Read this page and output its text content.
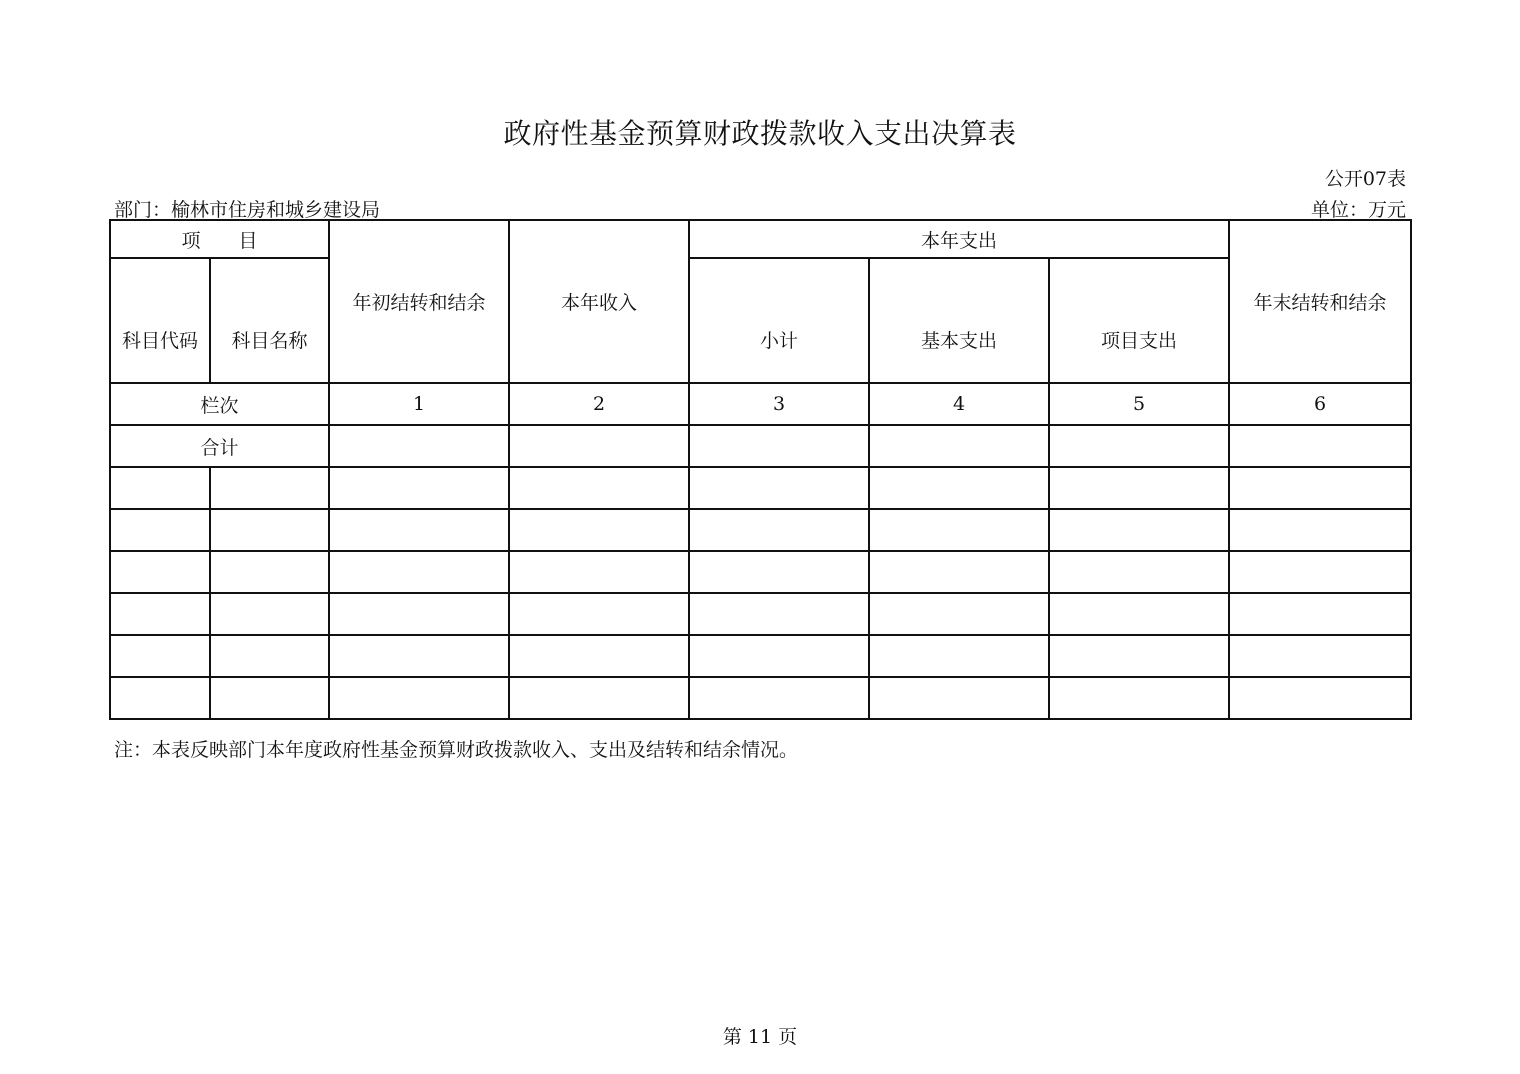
政府性基金预算财政拨款收入支出决算表
公开07表
部门：榆林市住房和城乡建设局	单位：万元
项　　目		年初结转和结余	本年收入	本年支出			年末结转和结余
科目代码	科目名称			小计	基本支出	项目支出	
栏次		1	2	3	4	5	6
合计							

注：本表反映部门本年度政府性基金预算财政拨款收入、支出及结转和结余情况。
第 11 页
